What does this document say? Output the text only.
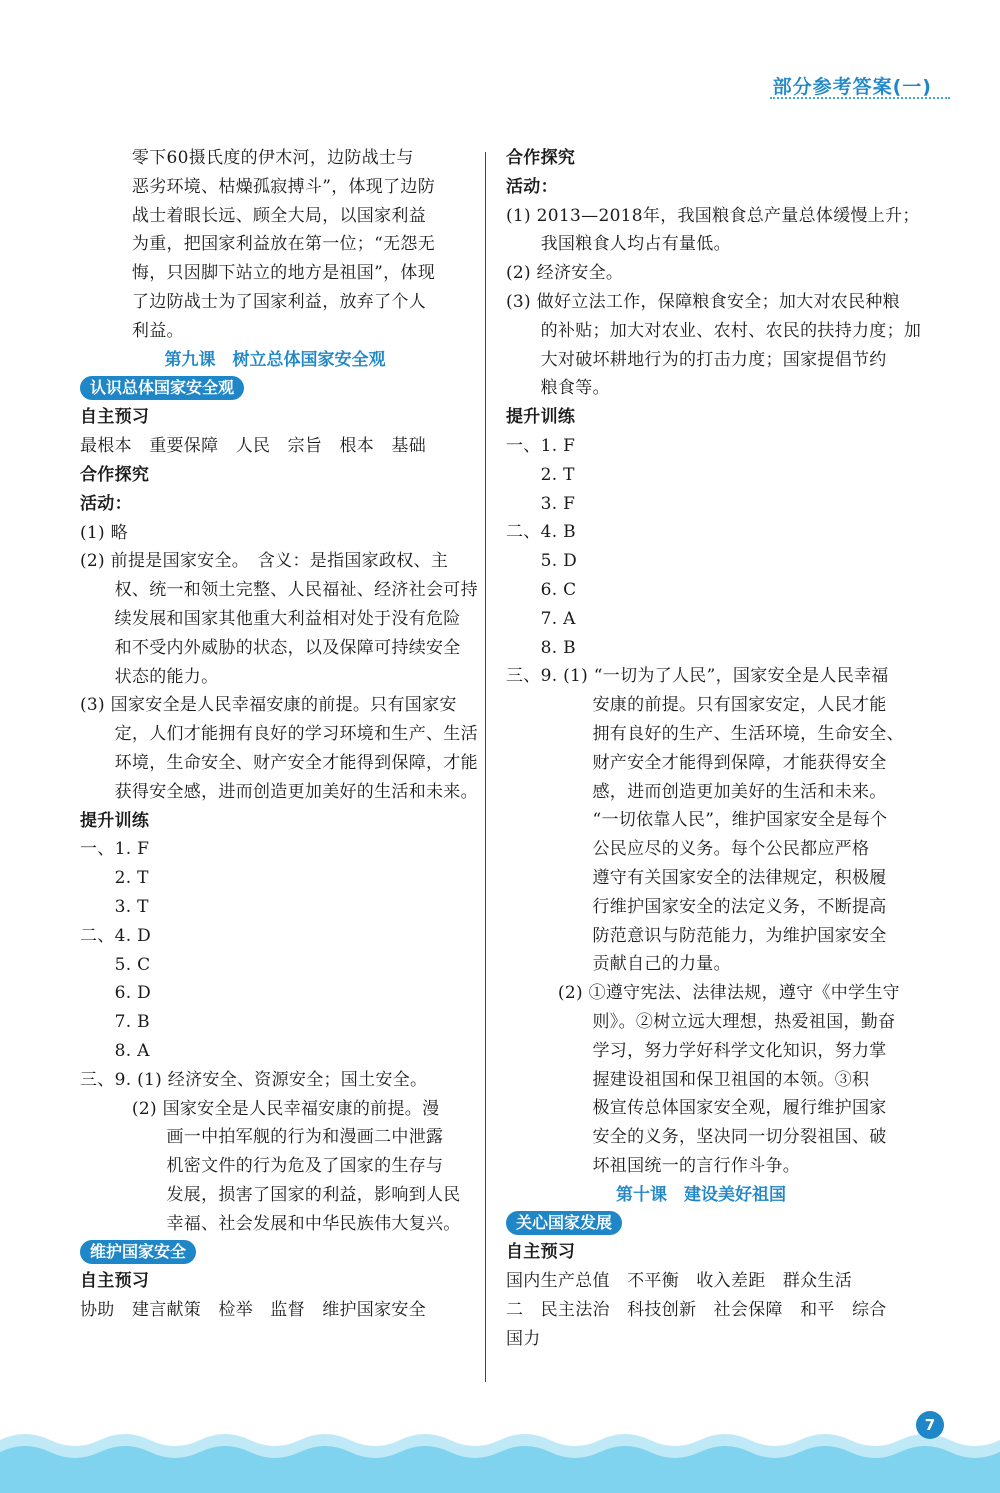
部分参考答案(一)
　　　零下60摄氏度的伊木河，边防战士与
　　　恶劣环境、枯燥孤寂搏斗”，体现了边防
　　　战士着眼长远、顾全大局，以国家利益
　　　为重，把国家利益放在第一位；“无怨无
　　　悔，只因脚下站立的地方是祖国”，体现
　　　了边防战士为了国家利益，放弃了个人
　　　利益。
第九课　树立总体国家安全观
认识总体国家安全观
自主预习
最根本　重要保障　人民　宗旨　根本　基础
合作探究
活动：
(1) 略
(2) 前提是国家安全。　含义：是指国家政权、主
　　权、统一和领土完整、人民福祉、经济社会可持
　　续发展和国家其他重大利益相对处于没有危险
　　和不受内外威胁的状态，以及保障可持续安全
　　状态的能力。
(3) 国家安全是人民幸福安康的前提。只有国家安
　　定，人们才能拥有良好的学习环境和生产、生活
　　环境，生命安全、财产安全才能得到保障，才能
　　获得安全感，进而创造更加美好的生活和未来。
提升训练
一、1. F
　　2. T
　　3. T
二、4. D
　　5. C
　　6. D
　　7. B
　　8. A
三、9. (1) 经济安全、资源安全；国土安全。
　　　(2) 国家安全是人民幸福安康的前提。漫
　　　　　画一中拍军舰的行为和漫画二中泄露
　　　　　机密文件的行为危及了国家的生存与
　　　　　发展，损害了国家的利益，影响到人民
　　　　　幸福、社会发展和中华民族伟大复兴。
维护国家安全
自主预习
协助　建言献策　检举　监督　维护国家安全
合作探究
活动：
(1) 2013—2018年，我国粮食总产量总体缓慢上升；
　　我国粮食人均占有量低。
(2) 经济安全。
(3) 做好立法工作，保障粮食安全；加大对农民种粮
　　的补贴；加大对农业、农村、农民的扶持力度；加
　　大对破坏耕地行为的打击力度；国家提倡节约
　　粮食等。
提升训练
一、1. F
　　2. T
　　3. F
二、4. B
　　5. D
　　6. C
　　7. A
　　8. B
三、9. (1) “一切为了人民”，国家安全是人民幸福
　　　　　安康的前提。只有国家安定，人民才能
　　　　　拥有良好的生产、生活环境，生命安全、
　　　　　财产安全才能得到保障，才能获得安全
　　　　　感，进而创造更加美好的生活和未来。
　　　　　“一切依靠人民”，维护国家安全是每个
　　　　　公民应尽的义务。每个公民都应严格
　　　　　遵守有关国家安全的法律规定，积极履
　　　　　行维护国家安全的法定义务，不断提高
　　　　　防范意识与防范能力，为维护国家安全
　　　　　贡献自己的力量。
　　　(2) ①遵守宪法、法律法规，遵守《中学生守
　　　　　则》。②树立远大理想，热爱祖国，勤奋
　　　　　学习，努力学好科学文化知识，努力掌
　　　　　握建设祖国和保卫祖国的本领。③积
　　　　　极宣传总体国家安全观，履行维护国家
　　　　　安全的义务，坚决同一切分裂祖国、破
　　　　　坏祖国统一的言行作斗争。
第十课　建设美好祖国
关心国家发展
自主预习
国内生产总值　不平衡　收入差距　群众生活
二　民主法治　科技创新　社会保障　和平　综合
国力
7
